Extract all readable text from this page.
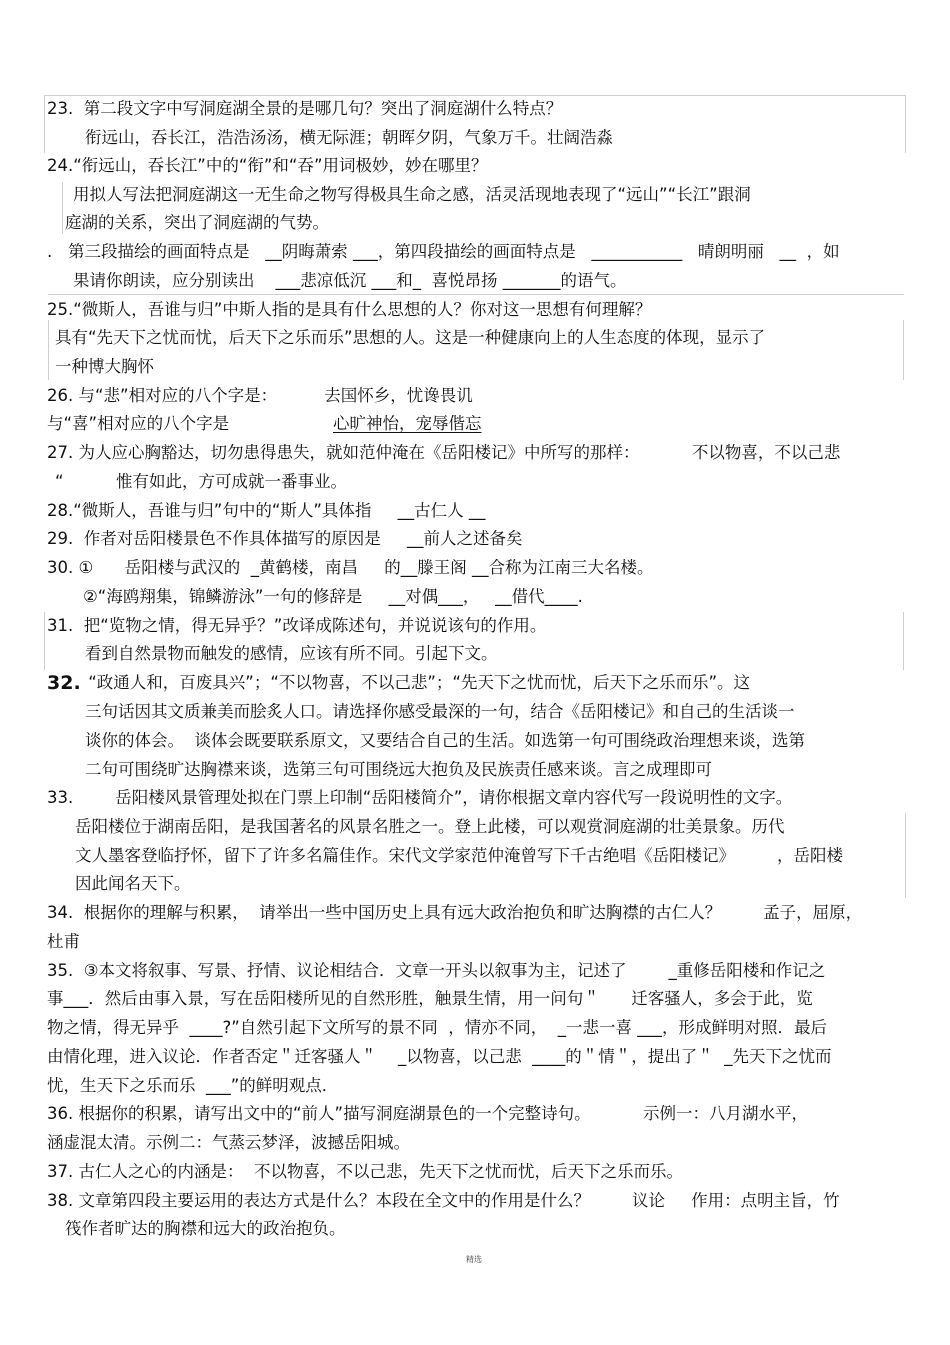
23.  第二段文字中写洞庭湖全景的是哪几句？突出了洞庭湖什么特点？
衔远山，吞长江，浩浩汤汤，横无际涯；朝晖夕阴，气象万千。壮阔浩淼
24.“衔远山，吞长江”中的“衔”和“吞”用词极妙，妙在哪里？
用拟人写法把洞庭湖这一无生命之物写得极具生命之感，活灵活现地表现了“远山”“长江”跟洞
庭湖的关系，突出了洞庭湖的气势。
.   第三段描绘的画面特点是   __阴晦萧索 ___，第四段描绘的画面特点是   ___________   晴朗明丽   __  ，如
果请你朗读，应分别读出    ___悲凉低沉 ___和_  喜悦昂扬 _______的语气。
25.“微斯人，吾谁与归”中斯人指的是具有什么思想的人？你对这一思想有何理解？
具有“先天下之忧而忧，后天下之乐而乐”思想的人。这是一种健康向上的人生态度的体现，显示了
一种博大胸怀
26. 与“悲”相对应的八个字是：         去国怀乡，忧谗畏讥
与“喜”相对应的八个字是	心旷神怡，宠辱偕忘
27. 为人应心胸豁达，切勿患得患失，就如范仲淹在《岳阳楼记》中所写的那样：          不以物喜，不以己悲
“          惟有如此，方可成就一番事业。
28.“微斯人，吾谁与归”句中的“斯人”具体指     __古仁人 __
29.  作者对岳阳楼景色不作具体描写的原因是     __前人之述备矣
30. ①      岳阳楼与武汉的  _黄鹤楼，南昌     的__滕王阁 __合称为江南三大名楼。
②“海鸥翔集，锦鳞游泳”一句的修辞是     __对偶___，   __借代____.
31.  把“览物之情，得无异乎？”改译成陈述句，并说说该句的作用。
看到自然景物而触发的感情，应该有所不同。引起下文。
32. “政通人和，百废具兴”；“不以物喜，不以己悲”；“先天下之忧而忧，后天下之乐而乐”。这
三句话因其文质兼美而脍炙人口。请选择你感受最深的一句，结合《岳阳楼记》和自己的生活谈一
谈你的体会。  谈体会既要联系原文，又要结合自己的生活。如选第一句可围绕政治理想来谈，选第
二句可围绕旷达胸襟来谈，选第三句可围绕远大抱负及民族责任感来谈。言之成理即可
33.        岳阳楼风景管理处拟在门票上印制“岳阳楼简介”，请你根据文章内容代写一段说明性的文字。
岳阳楼位于湖南岳阳，是我国著名的风景名胜之一。登上此楼，可以观赏洞庭湖的壮美景象。历代
文人墨客登临抒怀，留下了许多名篇佳作。宋代文学家范仲淹曾写下千古绝唱《岳阳楼记》        ，岳阳楼
因此闻名天下。
34.  根据你的理解与积累，  请举出一些中国历史上具有远大政治抱负和旷达胸襟的古仁人？        孟子，屈原，
杜甫
35.  ③本文将叙事、写景、抒情、议论相结合．文章一开头以叙事为主，记述了        _重修岳阳楼和作记之
事___．然后由事入景，写在岳阳楼所见的自然形胜，触景生情，用一问句＂      迁客骚人，多会于此，览
物之情，得无异乎  ____?”自然引起下文所写的景不同  ，情亦不同，  _一悲一喜 ___，形成鲜明对照．最后
由情化理，进入议论．作者否定＂迁客骚人＂    _以物喜，以己悲  ____的＂情＂，提出了＂  _先天下之忧而
忧，生天下之乐而乐  ___”的鲜明观点．
36. 根据你的积累，请写出文中的“前人”描写洞庭湖景色的一个完整诗句。          示例一：八月湖水平，
涵虚混太清。示例二：气蒸云梦泽，波撼岳阳城。
37. 古仁人之心的内涵是：  不以物喜，不以己悲，先天下之忧而忧，后天下之乐而乐。
38. 文章第四段主要运用的表达方式是什么？本段在全文中的作用是什么？        议论     作用：点明主旨，竹
筏作者旷达的胸襟和远大的政治抱负。
精选
